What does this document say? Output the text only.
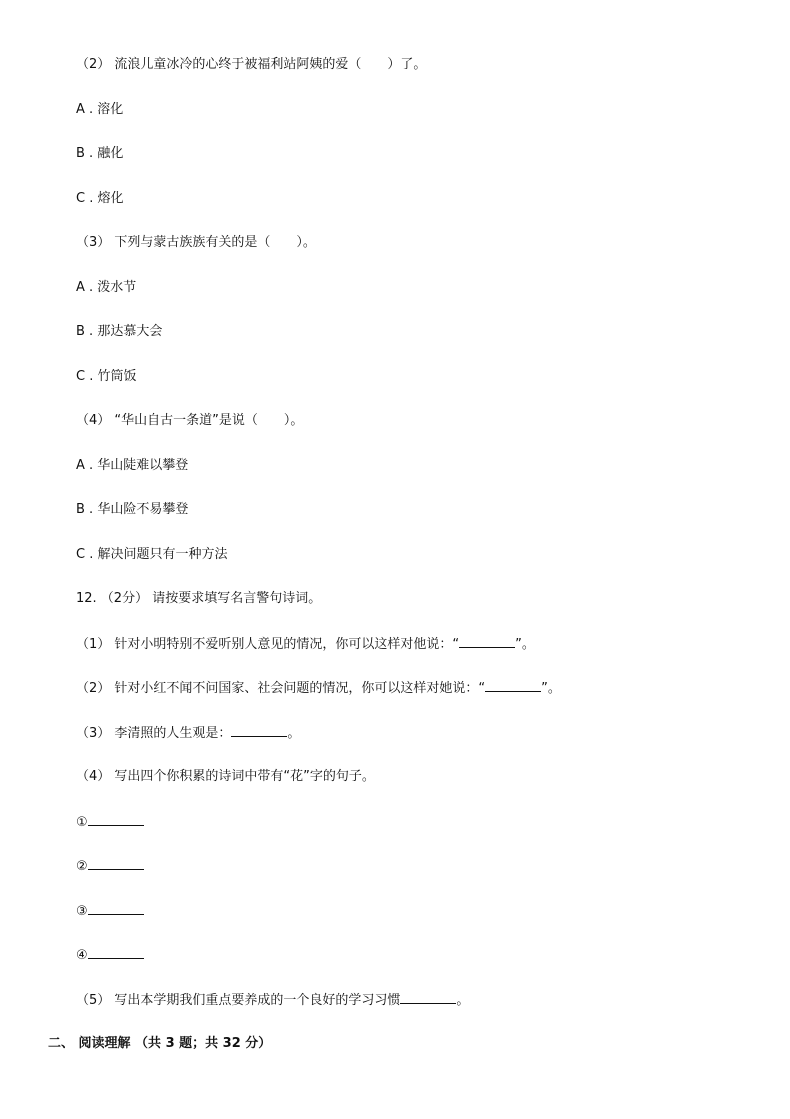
（2） 流浪儿童冰冷的心终于被福利站阿姨的爱（　　）了。
A . 溶化
B . 融化
C . 熔化
（3） 下列与蒙古族族有关的是（　　）。
A . 泼水节
B . 那达慕大会
C . 竹筒饭
（4） “华山自古一条道”是说（　　）。
A . 华山陡难以攀登
B . 华山险不易攀登
C . 解决问题只有一种方法
12. （2分） 请按要求填写名言警句诗词。
（1） 针对小明特别不爱听别人意见的情况，你可以这样对他说：“	”。
（2） 针对小红不闻不问国家、社会问题的情况，你可以这样对她说：“	”。
（3） 李清照的人生观是：	。
（4） 写出四个你积累的诗词中带有“花”字的句子。
①
②
③
④
（5） 写出本学期我们重点要养成的一个良好的学习习惯	。
二、 阅读理解 （共 3 题；共 32 分）
